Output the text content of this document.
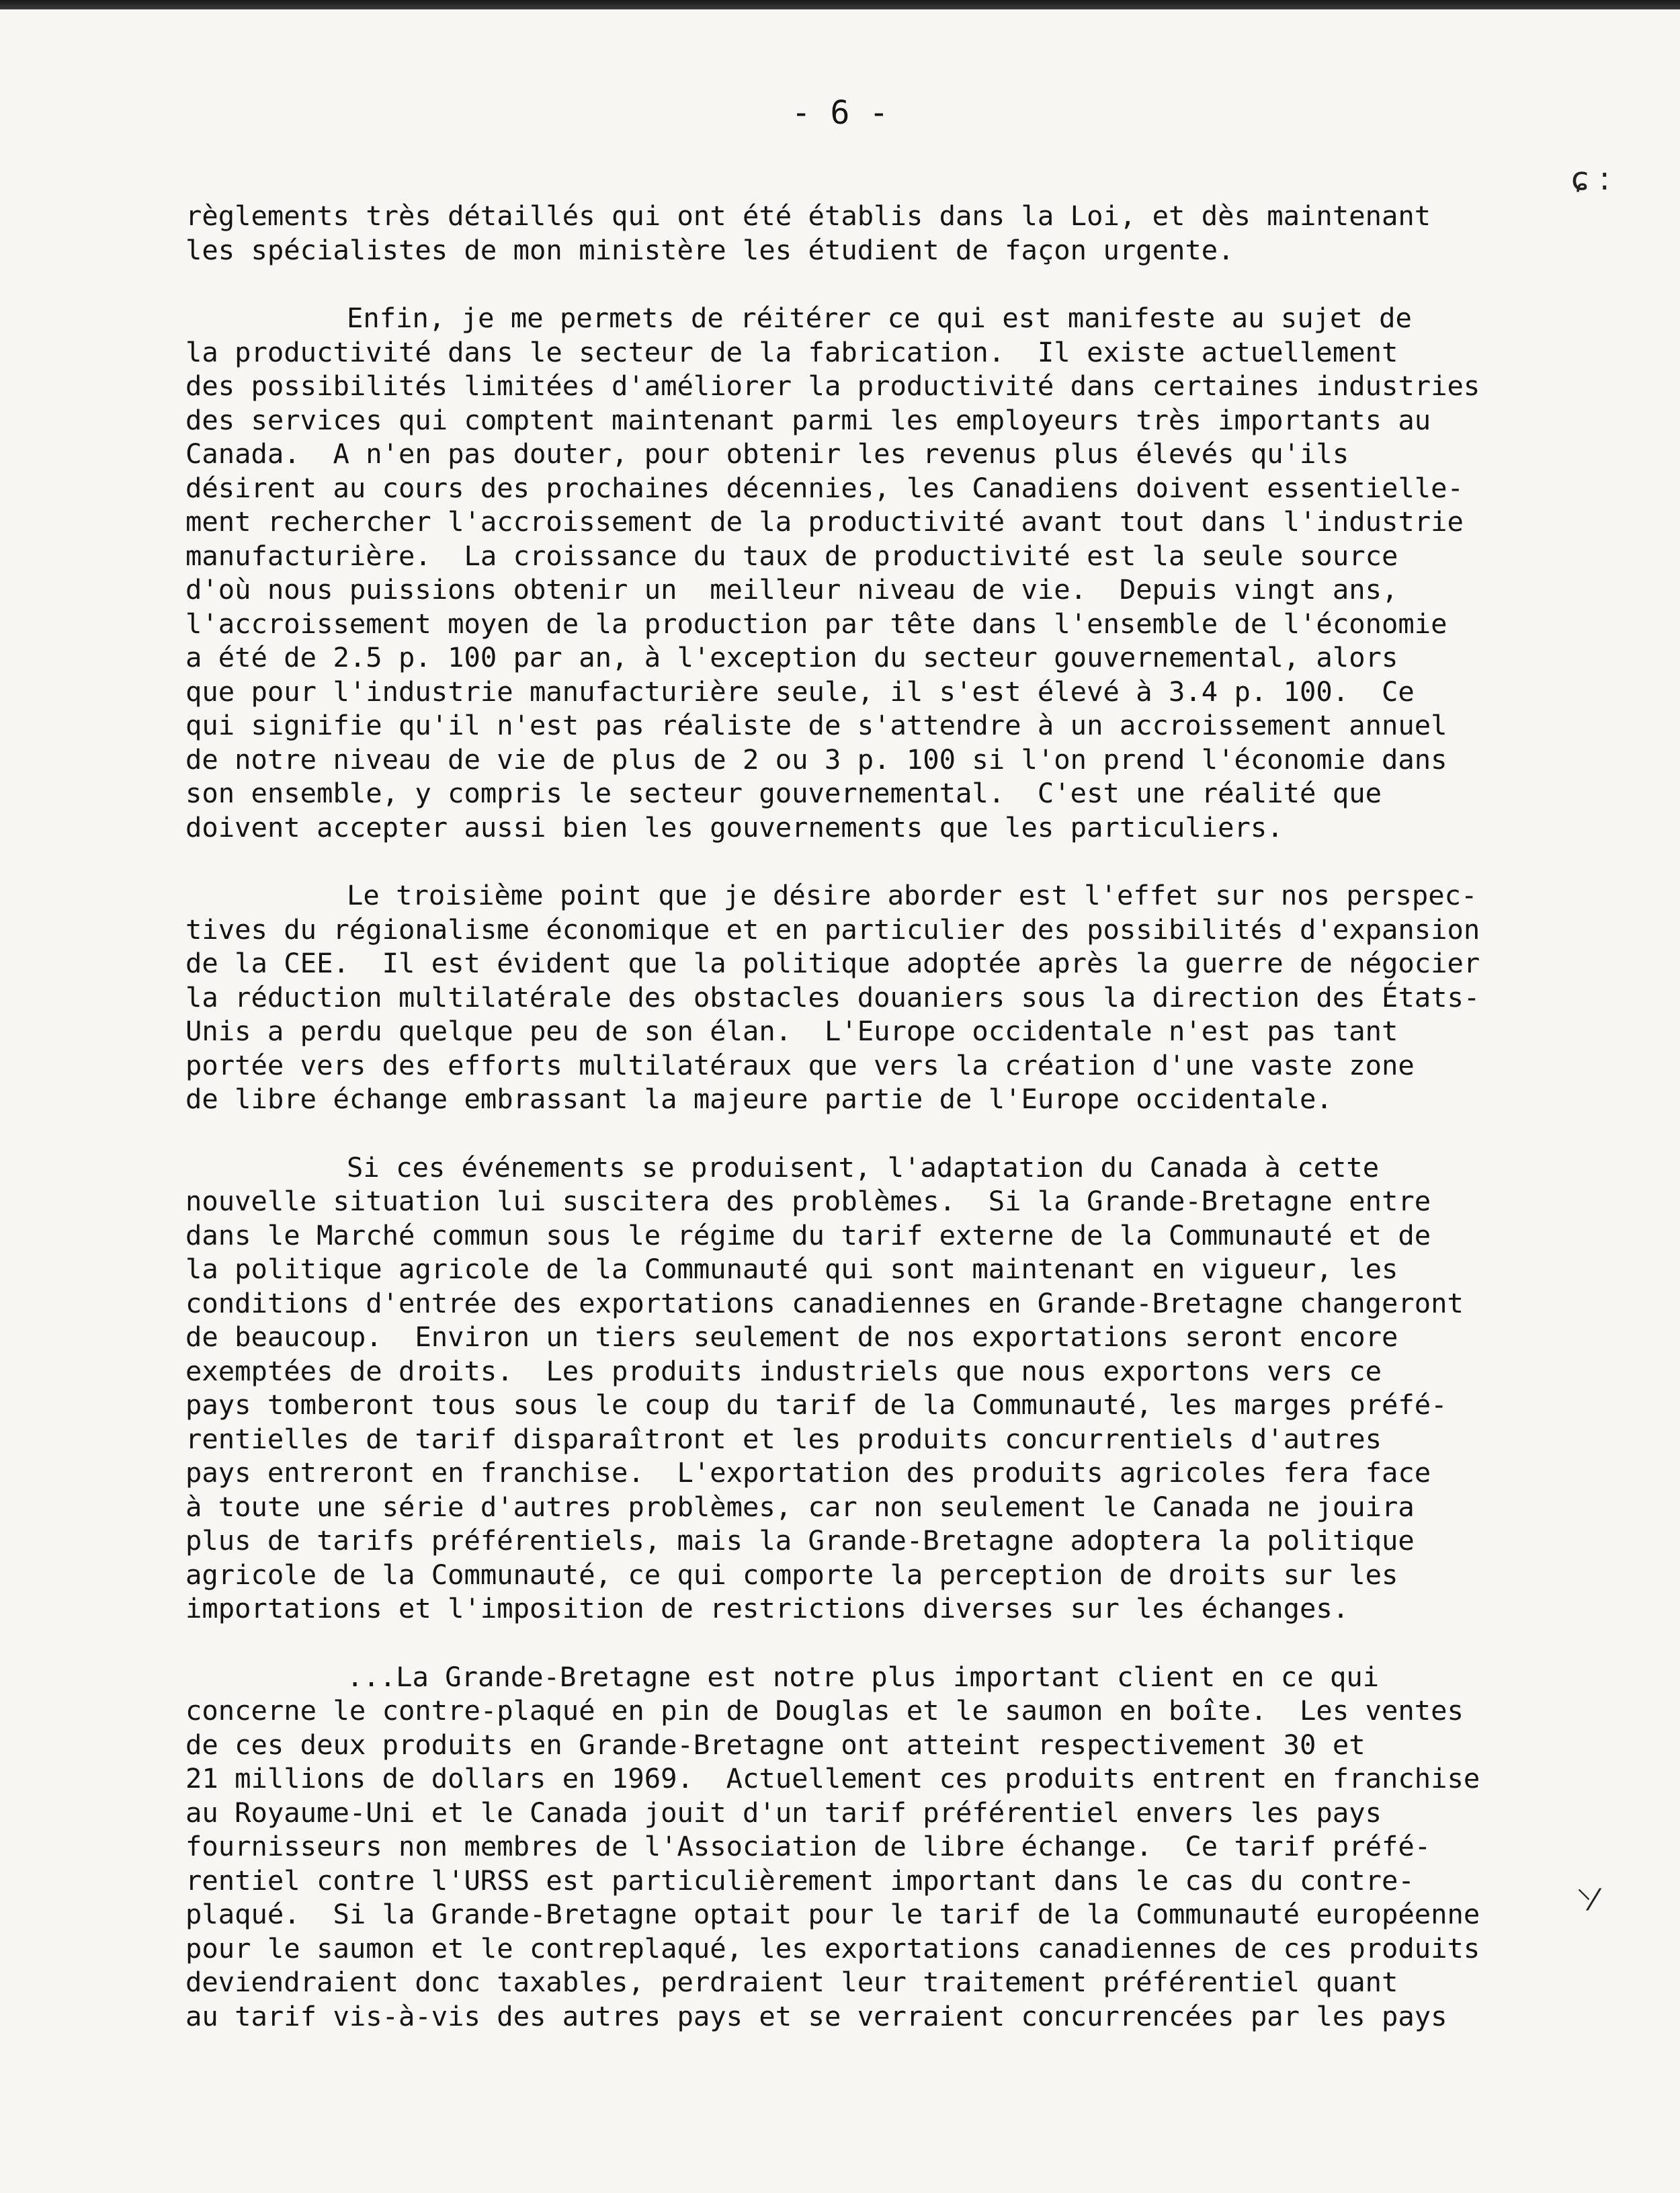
- 6 -
ɕ :
⸌⁄

règlements très détaillés qui ont été établis dans la Loi, et dès maintenant
les spécialistes de mon ministère les étudient de façon urgente.

Enfin, je me permets de réitérer ce qui est manifeste au sujet de
la productivité dans le secteur de la fabrication.  Il existe actuellement
des possibilités limitées d'améliorer la productivité dans certaines industries
des services qui comptent maintenant parmi les employeurs très importants au
Canada.  A n'en pas douter, pour obtenir les revenus plus élevés qu'ils
désirent au cours des prochaines décennies, les Canadiens doivent essentielle-
ment rechercher l'accroissement de la productivité avant tout dans l'industrie
manufacturière.  La croissance du taux de productivité est la seule source
d'où nous puissions obtenir un  meilleur niveau de vie.  Depuis vingt ans,
l'accroissement moyen de la production par tête dans l'ensemble de l'économie
a été de 2.5 p. 100 par an, à l'exception du secteur gouvernemental, alors
que pour l'industrie manufacturière seule, il s'est élevé à 3.4 p. 100.  Ce
qui signifie qu'il n'est pas réaliste de s'attendre à un accroissement annuel
de notre niveau de vie de plus de 2 ou 3 p. 100 si l'on prend l'économie dans
son ensemble, y compris le secteur gouvernemental.  C'est une réalité que
doivent accepter aussi bien les gouvernements que les particuliers.

Le troisième point que je désire aborder est l'effet sur nos perspec-
tives du régionalisme économique et en particulier des possibilités d'expansion
de la CEE.  Il est évident que la politique adoptée après la guerre de négocier
la réduction multilatérale des obstacles douaniers sous la direction des États-
Unis a perdu quelque peu de son élan.  L'Europe occidentale n'est pas tant
portée vers des efforts multilatéraux que vers la création d'une vaste zone
de libre échange embrassant la majeure partie de l'Europe occidentale.

Si ces événements se produisent, l'adaptation du Canada à cette
nouvelle situation lui suscitera des problèmes.  Si la Grande-Bretagne entre
dans le Marché commun sous le régime du tarif externe de la Communauté et de
la politique agricole de la Communauté qui sont maintenant en vigueur, les
conditions d'entrée des exportations canadiennes en Grande-Bretagne changeront
de beaucoup.  Environ un tiers seulement de nos exportations seront encore
exemptées de droits.  Les produits industriels que nous exportons vers ce
pays tomberont tous sous le coup du tarif de la Communauté, les marges préfé-
rentielles de tarif disparaîtront et les produits concurrentiels d'autres
pays entreront en franchise.  L'exportation des produits agricoles fera face
à toute une série d'autres problèmes, car non seulement le Canada ne jouira
plus de tarifs préférentiels, mais la Grande-Bretagne adoptera la politique
agricole de la Communauté, ce qui comporte la perception de droits sur les
importations et l'imposition de restrictions diverses sur les échanges.

...La Grande-Bretagne est notre plus important client en ce qui
concerne le contre-plaqué en pin de Douglas et le saumon en boîte.  Les ventes
de ces deux produits en Grande-Bretagne ont atteint respectivement 30 et
21 millions de dollars en 1969.  Actuellement ces produits entrent en franchise
au Royaume-Uni et le Canada jouit d'un tarif préférentiel envers les pays
fournisseurs non membres de l'Association de libre échange.  Ce tarif préfé-
rentiel contre l'URSS est particulièrement important dans le cas du contre-
plaqué.  Si la Grande-Bretagne optait pour le tarif de la Communauté européenne
pour le saumon et le contreplaqué, les exportations canadiennes de ces produits
deviendraient donc taxables, perdraient leur traitement préférentiel quant
au tarif vis-à-vis des autres pays et se verraient concurrencées par les pays
